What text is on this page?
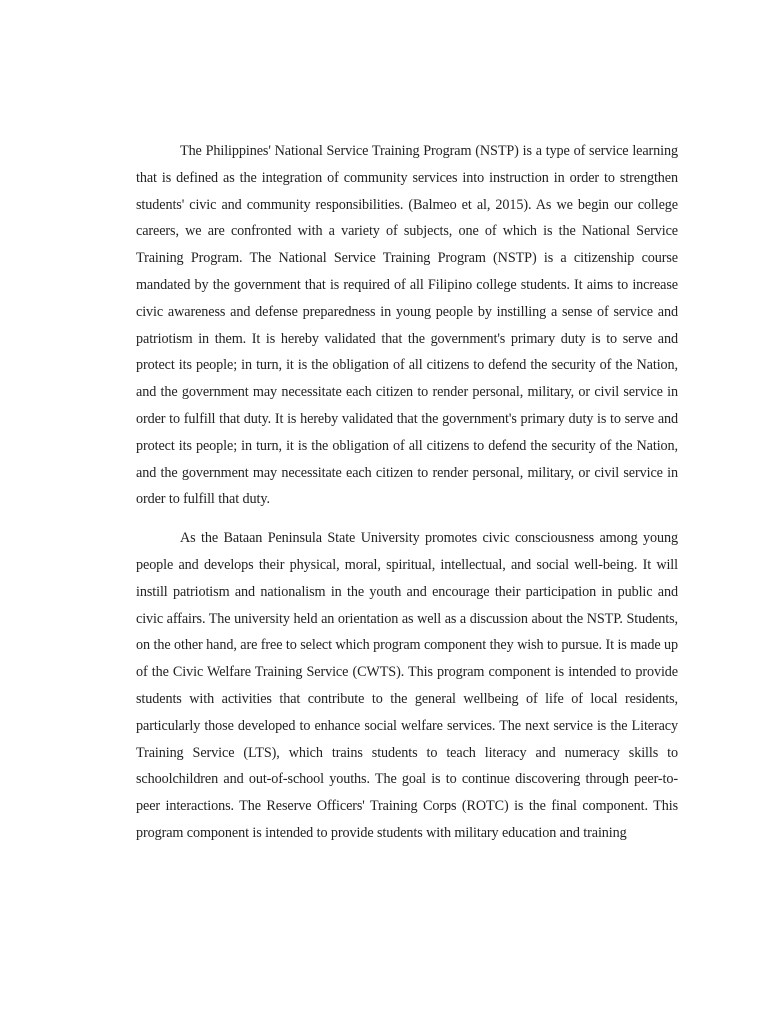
The Philippines' National Service Training Program (NSTP) is a type of service learning that is defined as the integration of community services into instruction in order to strengthen students' civic and community responsibilities. (Balmeo et al, 2015). As we begin our college careers, we are confronted with a variety of subjects, one of which is the National Service Training Program. The National Service Training Program (NSTP) is a citizenship course mandated by the government that is required of all Filipino college students. It aims to increase civic awareness and defense preparedness in young people by instilling a sense of service and patriotism in them. It is hereby validated that the government's primary duty is to serve and protect its people; in turn, it is the obligation of all citizens to defend the security of the Nation, and the government may necessitate each citizen to render personal, military, or civil service in order to fulfill that duty. It is hereby validated that the government's primary duty is to serve and protect its people; in turn, it is the obligation of all citizens to defend the security of the Nation, and the government may necessitate each citizen to render personal, military, or civil service in order to fulfill that duty.

As the Bataan Peninsula State University promotes civic consciousness among young people and develops their physical, moral, spiritual, intellectual, and social well-being. It will instill patriotism and nationalism in the youth and encourage their participation in public and civic affairs. The university held an orientation as well as a discussion about the NSTP. Students, on the other hand, are free to select which program component they wish to pursue. It is made up of the Civic Welfare Training Service (CWTS). This program component is intended to provide students with activities that contribute to the general wellbeing of life of local residents, particularly those developed to enhance social welfare services. The next service is the Literacy Training Service (LTS), which trains students to teach literacy and numeracy skills to schoolchildren and out-of-school youths. The goal is to continue discovering through peer-to-peer interactions. The Reserve Officers' Training Corps (ROTC) is the final component. This program component is intended to provide students with military education and training
